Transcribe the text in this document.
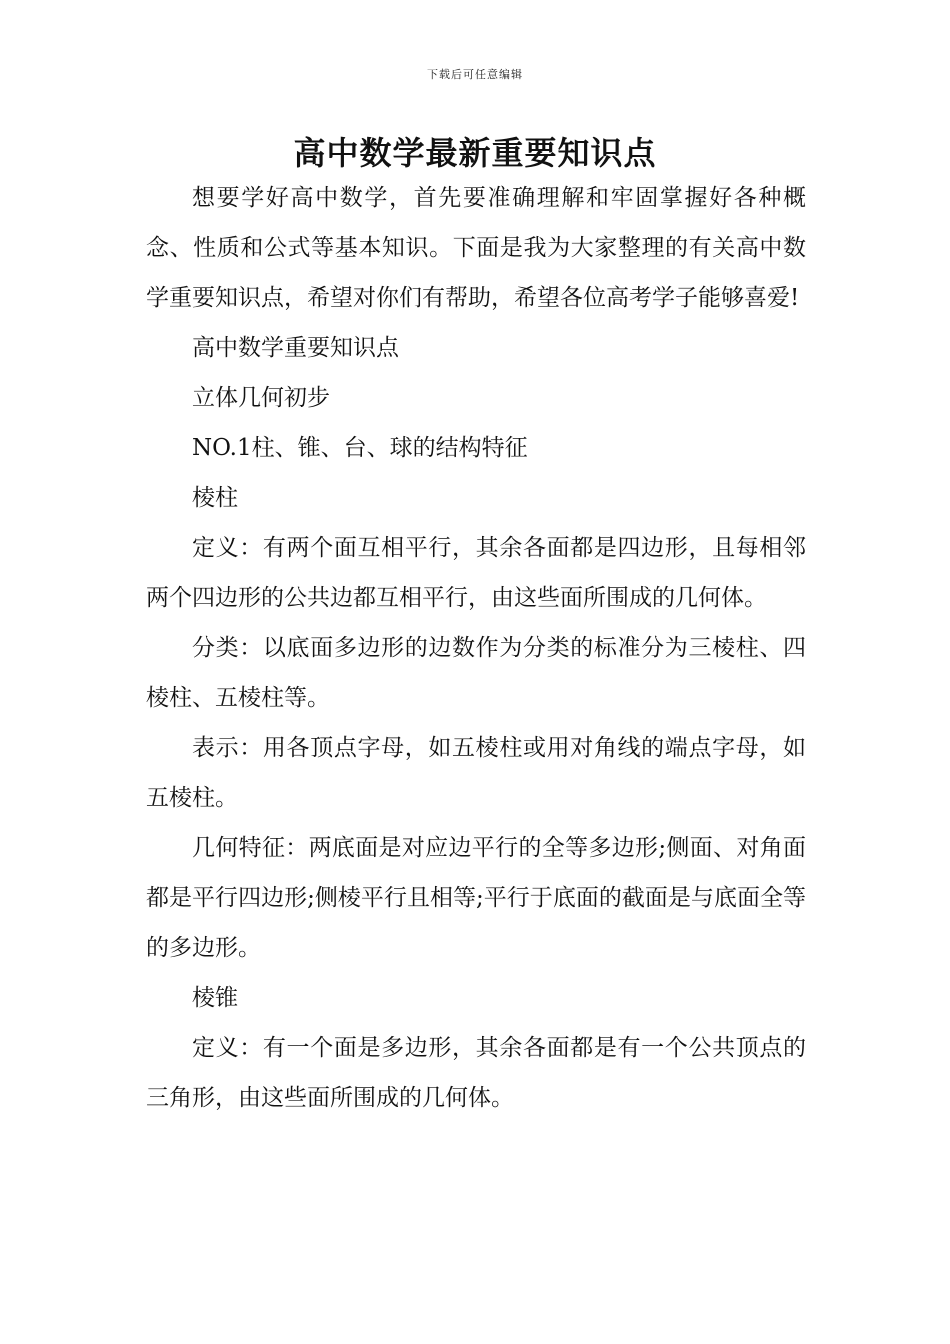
下载后可任意编辑
高中数学最新重要知识点

想要学好高中数学，首先要准确理解和牢固掌握好各种概念、性质和公式等基本知识。下面是我为大家整理的有关高中数学重要知识点，希望对你们有帮助，希望各位高考学子能够喜爱!

高中数学重要知识点

立体几何初步

NO.1柱、锥、台、球的结构特征

棱柱

定义：有两个面互相平行，其余各面都是四边形，且每相邻两个四边形的公共边都互相平行，由这些面所围成的几何体。

分类：以底面多边形的边数作为分类的标准分为三棱柱、四棱柱、五棱柱等。

表示：用各顶点字母，如五棱柱或用对角线的端点字母，如五棱柱。

几何特征：两底面是对应边平行的全等多边形;侧面、对角面都是平行四边形;侧棱平行且相等;平行于底面的截面是与底面全等的多边形。

棱锥

定义：有一个面是多边形，其余各面都是有一个公共顶点的三角形，由这些面所围成的几何体。
